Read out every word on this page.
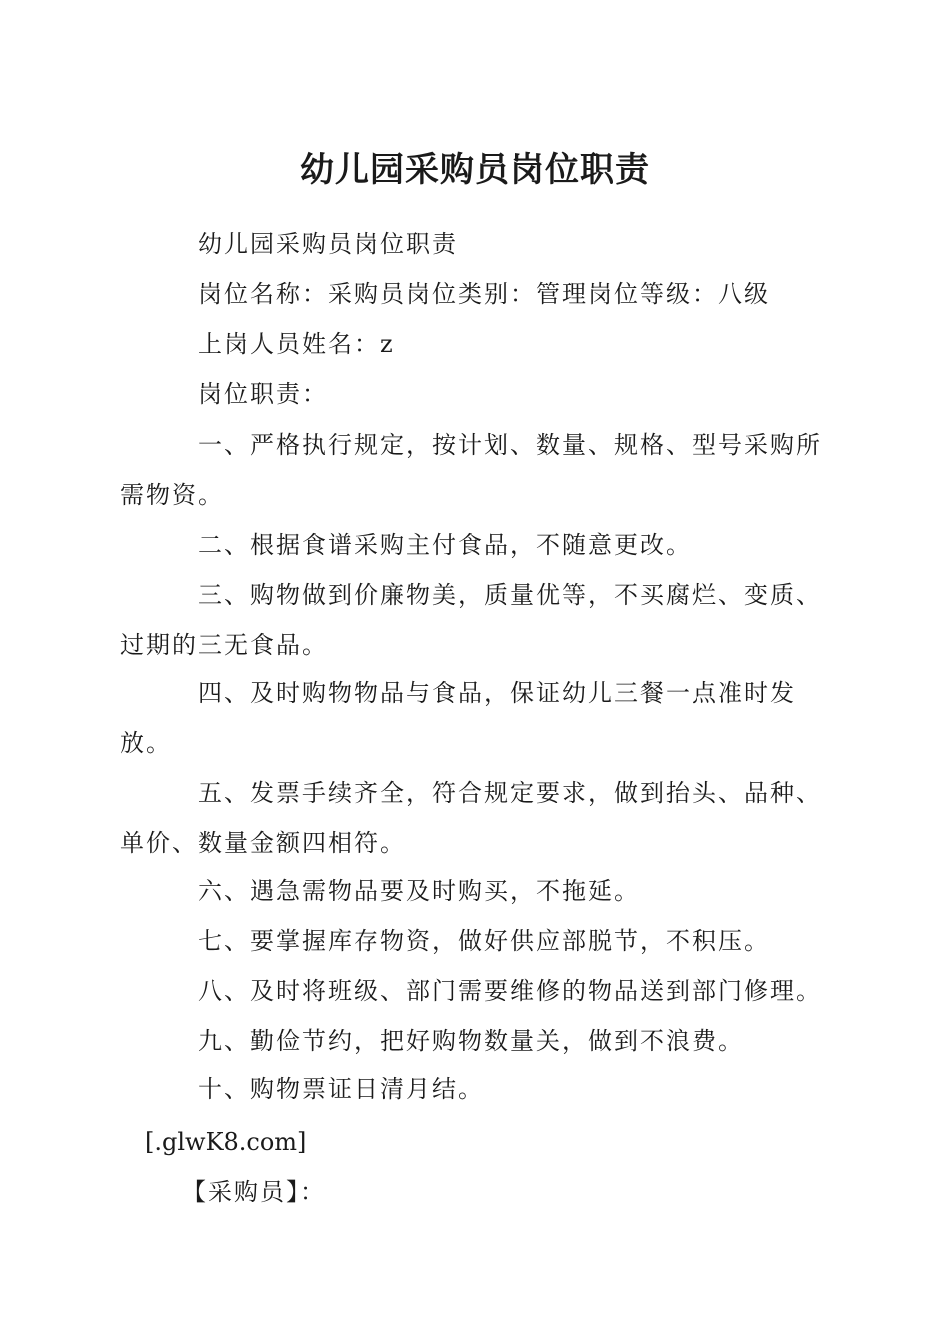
幼儿园采购员岗位职责
幼儿园采购员岗位职责
岗位名称：采购员岗位类别：管理岗位等级：八级
上岗人员姓名：z
岗位职责：
一、严格执行规定，按计划、数量、规格、型号采购所需物资。
二、根据食谱采购主付食品，不随意更改。
三、购物做到价廉物美，质量优等，不买腐烂、变质、过期的三无食品。
四、及时购物物品与食品，保证幼儿三餐一点准时发放。
五、发票手续齐全，符合规定要求，做到抬头、品种、单价、数量金额四相符。
六、遇急需物品要及时购买，不拖延。
七、要掌握库存物资，做好供应部脱节，不积压。
八、及时将班级、部门需要维修的物品送到部门修理。
九、勤俭节约，把好购物数量关，做到不浪费。
十、购物票证日清月结。
[.glwK8.com]
【采购员】：
